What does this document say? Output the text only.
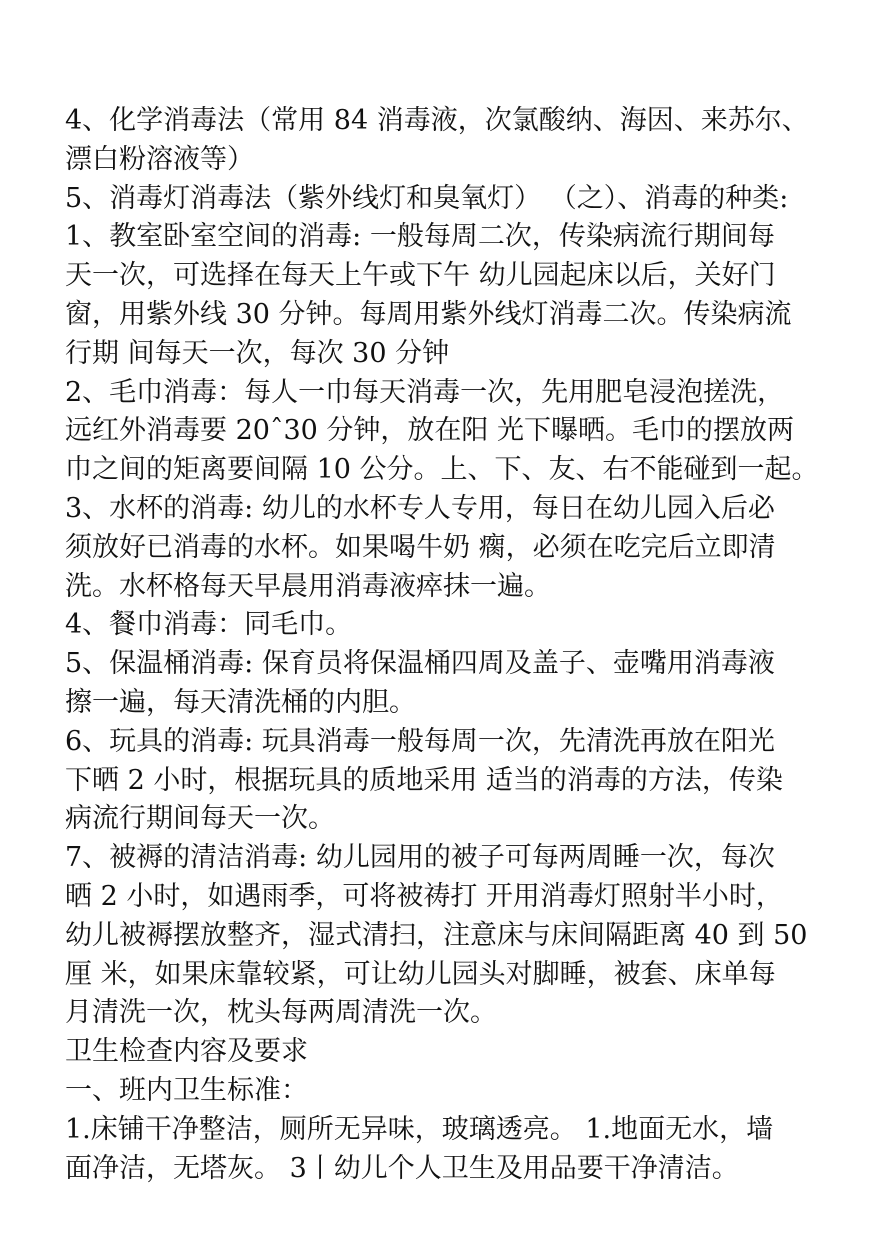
4、化学消毒法（常用 84 消毒液，次氯酸纳、海因、来苏尔、
漂白粉溶液等）
5、消毒灯消毒法（紫外线灯和臭氧灯） （之）、消毒的种类:
1、教室卧室空间的消毒: 一般每周二次，传染病流行期间每
天一次，可选择在每天上午或下午 幼儿园起床以后，关好门
窗，用紫外线 30 分钟。每周用紫外线灯消毒二次。传染病流
行期 间每天一次，每次 30 分钟
2、毛巾消毒：每人一巾每天消毒一次，先用肥皂浸泡搓洗，
远红外消毒要 20ˆ30 分钟，放在阳 光下曝晒。毛巾的摆放两
巾之间的矩离要间隔 10 公分。上、下、友、右不能碰到一起。
3、水杯的消毒: 幼儿的水杯专人专用，每日在幼儿园入后必
须放好已消毒的水杯。如果喝牛奶 瘸，必须在吃完后立即清
洗。水杯格每天早晨用消毒液瘁抹一遍。
4、餐巾消毒：同毛巾。
5、保温桶消毒: 保育员将保温桶四周及盖子、壶嘴用消毒液
擦一遍，每天清洗桶的内胆。
6、玩具的消毒: 玩具消毒一般每周一次，先清洗再放在阳光
下晒 2 小时，根据玩具的质地采用 适当的消毒的方法，传染
病流行期间每天一次。
7、被褥的清洁消毒: 幼儿园用的被子可每两周睡一次，每次
晒 2 小时，如遇雨季，可将被祷打 开用消毒灯照射半小时，
幼儿被褥摆放整齐，湿式清扫，注意床与床间隔距离 40 到 50
厘 米，如果床靠较紧，可让幼儿园头对脚睡，被套、床单每
月清洗一次，枕头每两周清洗一次。
卫生检查内容及要求
一、班内卫生标准：
1.床铺干净整洁，厕所无异味，玻璃透亮。 1.地面无水，墙
面净洁，无塔灰。 3丨幼儿个人卫生及用品要干净清洁。
